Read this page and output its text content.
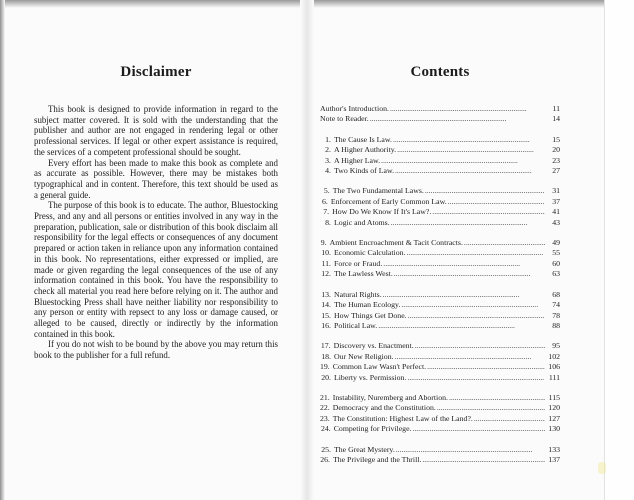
Disclaimer

This book is designed to provide information in regard to the subject matter covered. It is sold with the understanding that the publisher and author are not engaged in rendering legal or other professional services. If legal or other expert assistance is required, the services of a competent professional should be sought.

Every effort has been made to make this book as complete and as accurate as possible. However, there may be mistakes both typographical and in content. Therefore, this text should be used as a general guide.

The purpose of this book is to educate. The author, Bluestocking Press, and any and all persons or entities involved in any way in the preparation, publication, sale or distribution of this book disclaim all responsibility for the legal effects or consequences of any document prepared or action taken in reliance upon any information contained in this book. No representations, either expressed or implied, are made or given regarding the legal consequences of the use of any information contained in this book. You have the responsibility to check all material you read here before relying on it. The author and Bluestocking Press shall have neither liability nor responsibility to any person or entity with repsect to any loss or damage caused, or alleged to be caused, directly or indirectly by the information contained in this book.

If you do not wish to be bound by the above you may return this book to the publisher for a full refund.

Contents
Author's Introduction. . . .	11
Note to Reader. . . .	14
1. The Cause Is Law. . . .	15
2. A Higher Authority. . . .	20
3. A Higher Law. . . .	23
4. Two Kinds of Law. . . .	27
5. The Two Fundamental Laws. . . .	31
6. Enforcement of Early Common Law. . . .	37
7. How Do We Know If It's Law?. . . .	41
8. Logic and Atoms. . . .	43
9. Ambient Encroachment & Tacit Contracts. . . .	49
10. Economic Calculation. . . .	55
11. Force or Fraud. . . .	60
12. The Lawless West. . . .	63
13. Natural Rights. . . .	68
14. The Human Ecology. . . .	74
15. How Things Get Done. . . .	78
16. Political Law. . . .	88
17. Discovery vs. Enactment. . . .	95
18. Our New Religion. . . .	102
19. Common Law Wasn't Perfect. . . .	106
20. Liberty vs. Permission. . . .	111
21. Instability, Nuremberg and Abortion. . . .	115
22. Democracy and the Constitution. . . .	120
23. The Constitution: Highest Law of the Land?. . . .	127
24. Competing for Privilege. . . .	130
25. The Great Mystery. . . .	133
26. The Privilege and the Thrill. . . .	137
